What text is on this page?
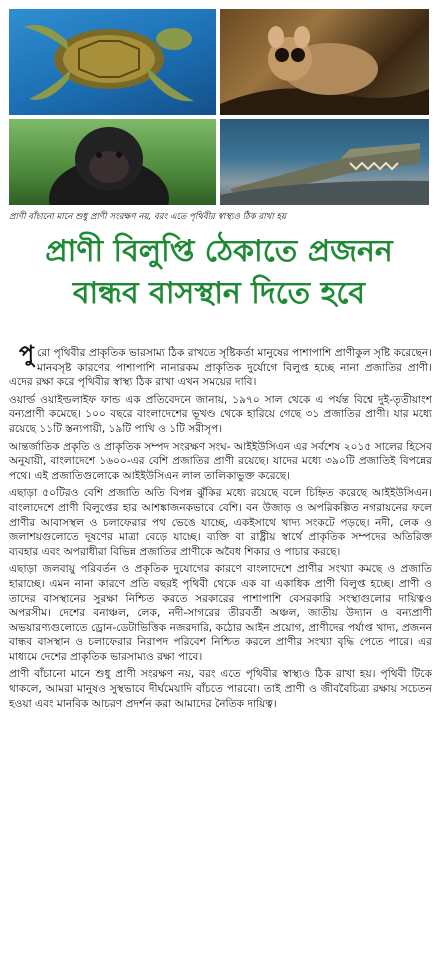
প্রাণী বাঁচানো মানে শুধু প্রাণী সংরক্ষণ নয়, বরং এতে পৃথিবীর স্বাস্থ্যও ঠিক রাখা হয়
প্রাণী বিলুপ্তি ঠেকাতে প্রজনন
বান্ধব বাসস্থান দিতে হবে

পুরো পৃথিবীর প্রাকৃতিক ভারসাম্য ঠিক রাখতে সৃষ্টিকর্তা মানুষের পাশাপাশি প্রাণীকুল সৃষ্টি করেছেন। মানবসৃষ্ট কারণের পাশাপাশি নানারকম প্রাকৃতিক দুর্যোগে বিলুপ্ত হচ্ছে নানা প্রজাতির প্রাণী। এদের রক্ষা করে পৃথিবীর স্বাস্থ্য ঠিক রাখা এখন সময়ের দাবি।

ওয়ার্ল্ড ওয়াইল্ডলাইফ ফান্ড এক প্রতিবেদনে জানায়, ১৯৭০ সাল থেকে এ পর্যন্ত বিশ্বে দুই-তৃতীয়াংশ বন্যপ্রাণী কমেছে। ১০০ বছরে বাংলাদেশের ভূখণ্ড থেকে হারিয়ে গেছে ৩১ প্রজাতির প্রাণী। যার মধ্যে রয়েছে ১১টি স্তন্যপায়ী, ১৯টি পাখি ও ১টি সরীসৃপ।

আন্তর্জাতিক প্রকৃতি ও প্রাকৃতিক সম্পদ সংরক্ষণ সংঘ- আইইউসিএন এর সর্বশেষ ২০১৫ সালের হিসেব অনুযায়ী, বাংলাদেশে ১৬০০-এর বেশি প্রজাতির প্রাণী রয়েছে। যাদের মধ্যে ৩৯০টি প্রজাতিই বিপন্নের পথে। এই প্রজাতিগুলোকে আইইউসিএন লাল তালিকাভুক্ত করেছে।

এছাড়া ৫০টিরও বেশি প্রজাতি অতি বিপন্ন ঝুঁকির মধ্যে রয়েছে বলে চিহ্নিত করেছে আইইউসিএন। বাংলাদেশে প্রাণী বিলুপ্তের হার আশঙ্কাজনকভাবে বেশি। বন উজাড় ও অপরিকল্পিত নগরায়নের ফলে প্রাণীর আবাসস্থল ও চলাফেরার পথ ভেঙে যাচ্ছে, একইসাথে খাদ্য সংকটে পড়ছে। নদী, লেক ও জলাশয়গুলোতে দূষণের মাত্রা বেড়ে যাচ্ছে। ব্যক্তি বা রাষ্ট্রীয় স্বার্থে প্রাকৃতিক সম্পদের অতিরিক্ত ব্যবহার এবং অপরাধীরা বিভিন্ন প্রজাতির প্রাণীকে অবৈধ শিকার ও পাচার করছে।

এছাড়া জলবায়ু পরিবর্তন ও প্রকৃতিক দুযোগের কারণে বাংলাদেশে প্রাণীর সংখ্যা কমছে ও প্রজাতি হারাচ্ছে। এমন নানা কারণে প্রতি বছরই পৃথিবী থেকে এক বা একাধিক প্রাণী বিলুপ্ত হচ্ছে। প্রাণী ও তাদের বাসস্থানের সুরক্ষা নিশ্চিত করতে সরকারের পাশাপাশি বেসরকারি সংস্থাগুলোর দায়িত্বও অপরসীম। দেশের বনাঞ্চল, লেক, নদী-সাগরের তীরবর্তী অঞ্চল, জাতীয় উদ্যান ও বন্যপ্রাণী অভয়ারণ্যগুলোতে ড্রোন-ডেটাভিত্তিক নজরদারি, কঠোর আইন প্রয়োগ, প্রাণীদের পর্যাপ্ত খাদ্য, প্রজনন বান্ধব বাসস্থান ও চলাফেরার নিরাপদ পরিবেশ নিশ্চিত করলে প্রাণীর সংখ্যা বৃদ্ধি পেতে পারে। এর মাধ্যমে দেশের প্রাকৃতিক ভারসাম্যও রক্ষা পাবে।

প্রাণী বাঁচানো মানে শুধু প্রাণী সংরক্ষণ নয়, বরং এতে পৃথিবীর স্বাস্থ্যও ঠিক রাখা হয়। পৃথিবী টিকে থাকলে, আমরা মানুষও সুস্থভাবে দীর্ঘমেয়াদি বাঁচতে পারবো। তাই প্রাণী ও জীববৈচিত্র্য রক্ষায় সচেতন হওয়া এবং মানবিক আচরণ প্রদর্শন করা আমাদের নৈতিক দায়িত্ব।
